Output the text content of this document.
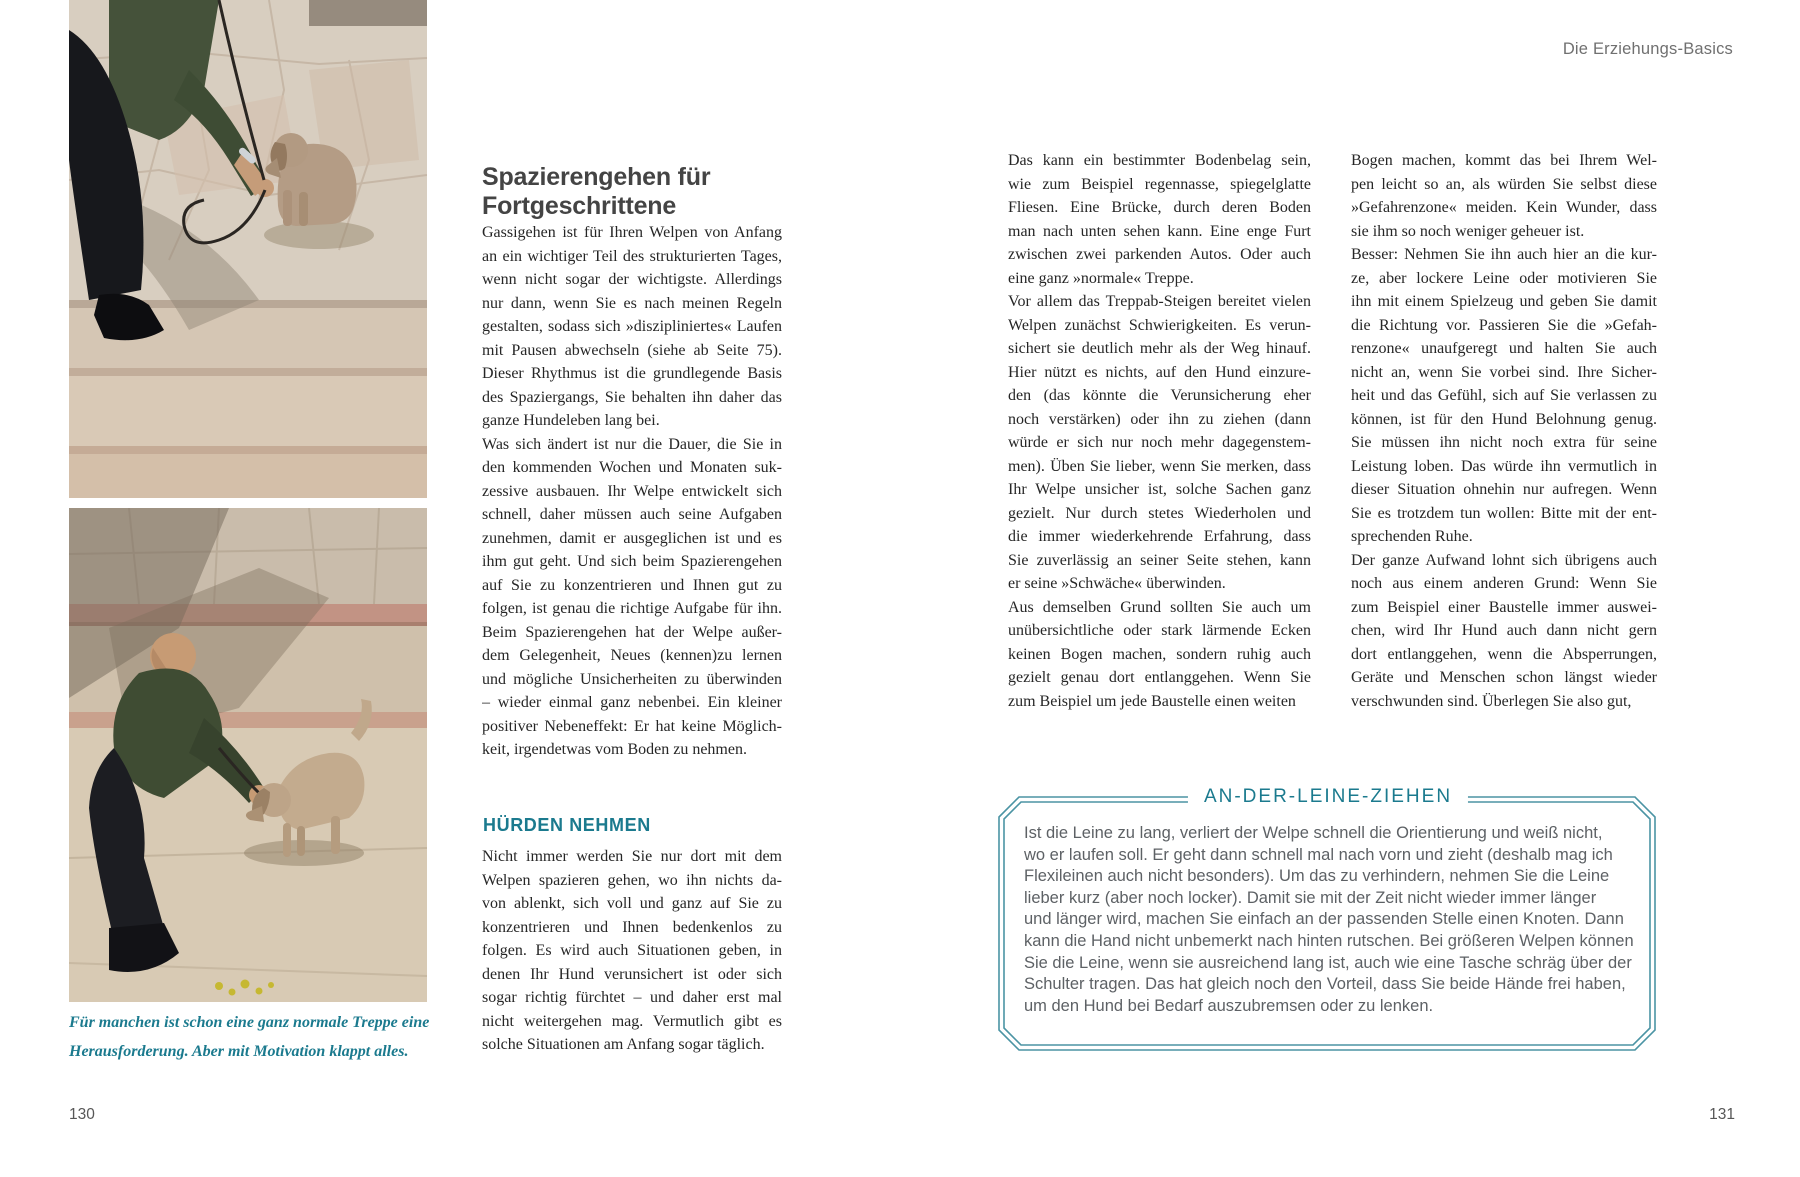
Für manchen ist schon eine ganz normale Treppe eine
Herausforderung. Aber mit Motivation klappt alles.
130
Spazierengehen für
Fortgeschrittene
Gassigehen ist für Ihren Welpen von Anfang
an ein wichtiger Teil des strukturierten Tages,
wenn nicht sogar der wichtigste. Allerdings
nur dann, wenn Sie es nach meinen Regeln
gestalten, sodass sich »diszipliniertes« Laufen
mit Pausen abwechseln (siehe ab Seite 75).
Dieser Rhythmus ist die grundlegende Basis
des Spaziergangs, Sie behalten ihn daher das
ganze Hundeleben lang bei.
Was sich ändert ist nur die Dauer, die Sie in
den kommenden Wochen und Monaten suk-
zessive ausbauen. Ihr Welpe entwickelt sich
schnell, daher müssen auch seine Aufgaben
zunehmen, damit er ausgeglichen ist und es
ihm gut geht. Und sich beim Spazierengehen
auf Sie zu konzentrieren und Ihnen gut zu
folgen, ist genau die richtige Aufgabe für ihn.
Beim Spazierengehen hat der Welpe außer-
dem Gelegenheit, Neues (kennen)zu lernen
und mögliche Unsicherheiten zu überwinden
– wieder einmal ganz nebenbei. Ein kleiner
positiver Nebeneffekt: Er hat keine Möglich-
keit, irgendetwas vom Boden zu nehmen.
HÜRDEN NEHMEN
Nicht immer werden Sie nur dort mit dem
Welpen spazieren gehen, wo ihn nichts da-
von ablenkt, sich voll und ganz auf Sie zu
konzentrieren und Ihnen bedenkenlos zu
folgen. Es wird auch Situationen geben, in
denen Ihr Hund verunsichert ist oder sich
sogar richtig fürchtet – und daher erst mal
nicht weitergehen mag. Vermutlich gibt es
solche Situationen am Anfang sogar täglich.
Die Erziehungs-Basics
Das kann ein bestimmter Bodenbelag sein,
wie zum Beispiel regennasse, spiegelglatte
Fliesen. Eine Brücke, durch deren Boden
man nach unten sehen kann. Eine enge Furt
zwischen zwei parkenden Autos. Oder auch
eine ganz »normale« Treppe.
Vor allem das Treppab-Steigen bereitet vielen
Welpen zunächst Schwierigkeiten. Es verun-
sichert sie deutlich mehr als der Weg hinauf.
Hier nützt es nichts, auf den Hund einzure-
den (das könnte die Verunsicherung eher
noch verstärken) oder ihn zu ziehen (dann
würde er sich nur noch mehr dagegenstem-
men). Üben Sie lieber, wenn Sie merken, dass
Ihr Welpe unsicher ist, solche Sachen ganz
gezielt. Nur durch stetes Wiederholen und
die immer wiederkehrende Erfahrung, dass
Sie zuverlässig an seiner Seite stehen, kann
er seine »Schwäche« überwinden.
Aus demselben Grund sollten Sie auch um
unübersichtliche oder stark lärmende Ecken
keinen Bogen machen, sondern ruhig auch
gezielt genau dort entlanggehen. Wenn Sie
zum Beispiel um jede Baustelle einen weiten
Bogen machen, kommt das bei Ihrem Wel-
pen leicht so an, als würden Sie selbst diese
»Gefahrenzone« meiden. Kein Wunder, dass
sie ihm so noch weniger geheuer ist.
Besser: Nehmen Sie ihn auch hier an die kur-
ze, aber lockere Leine oder motivieren Sie
ihn mit einem Spielzeug und geben Sie damit
die Richtung vor. Passieren Sie die »Gefah-
renzone« unaufgeregt und halten Sie auch
nicht an, wenn Sie vorbei sind. Ihre Sicher-
heit und das Gefühl, sich auf Sie verlassen zu
können, ist für den Hund Belohnung genug.
Sie müssen ihn nicht noch extra für seine
Leistung loben. Das würde ihn vermutlich in
dieser Situation ohnehin nur aufregen. Wenn
Sie es trotzdem tun wollen: Bitte mit der ent-
sprechenden Ruhe.
Der ganze Aufwand lohnt sich übrigens auch
noch aus einem anderen Grund: Wenn Sie
zum Beispiel einer Baustelle immer auswei-
chen, wird Ihr Hund auch dann nicht gern
dort entlanggehen, wenn die Absperrungen,
Geräte und Menschen schon längst wieder
verschwunden sind. Überlegen Sie also gut,
AN-DER-LEINE-ZIEHEN
Ist die Leine zu lang, verliert der Welpe schnell die Orientierung und weiß nicht,
wo er laufen soll. Er geht dann schnell mal nach vorn und zieht (deshalb mag ich
Flexileinen auch nicht besonders). Um das zu verhindern, nehmen Sie die Leine
lieber kurz (aber noch locker). Damit sie mit der Zeit nicht wieder immer länger
und länger wird, machen Sie einfach an der passenden Stelle einen Knoten. Dann
kann die Hand nicht unbemerkt nach hinten rutschen. Bei größeren Welpen können
Sie die Leine, wenn sie ausreichend lang ist, auch wie eine Tasche schräg über der
Schulter tragen. Das hat gleich noch den Vorteil, dass Sie beide Hände frei haben,
um den Hund bei Bedarf auszubremsen oder zu lenken.
131
